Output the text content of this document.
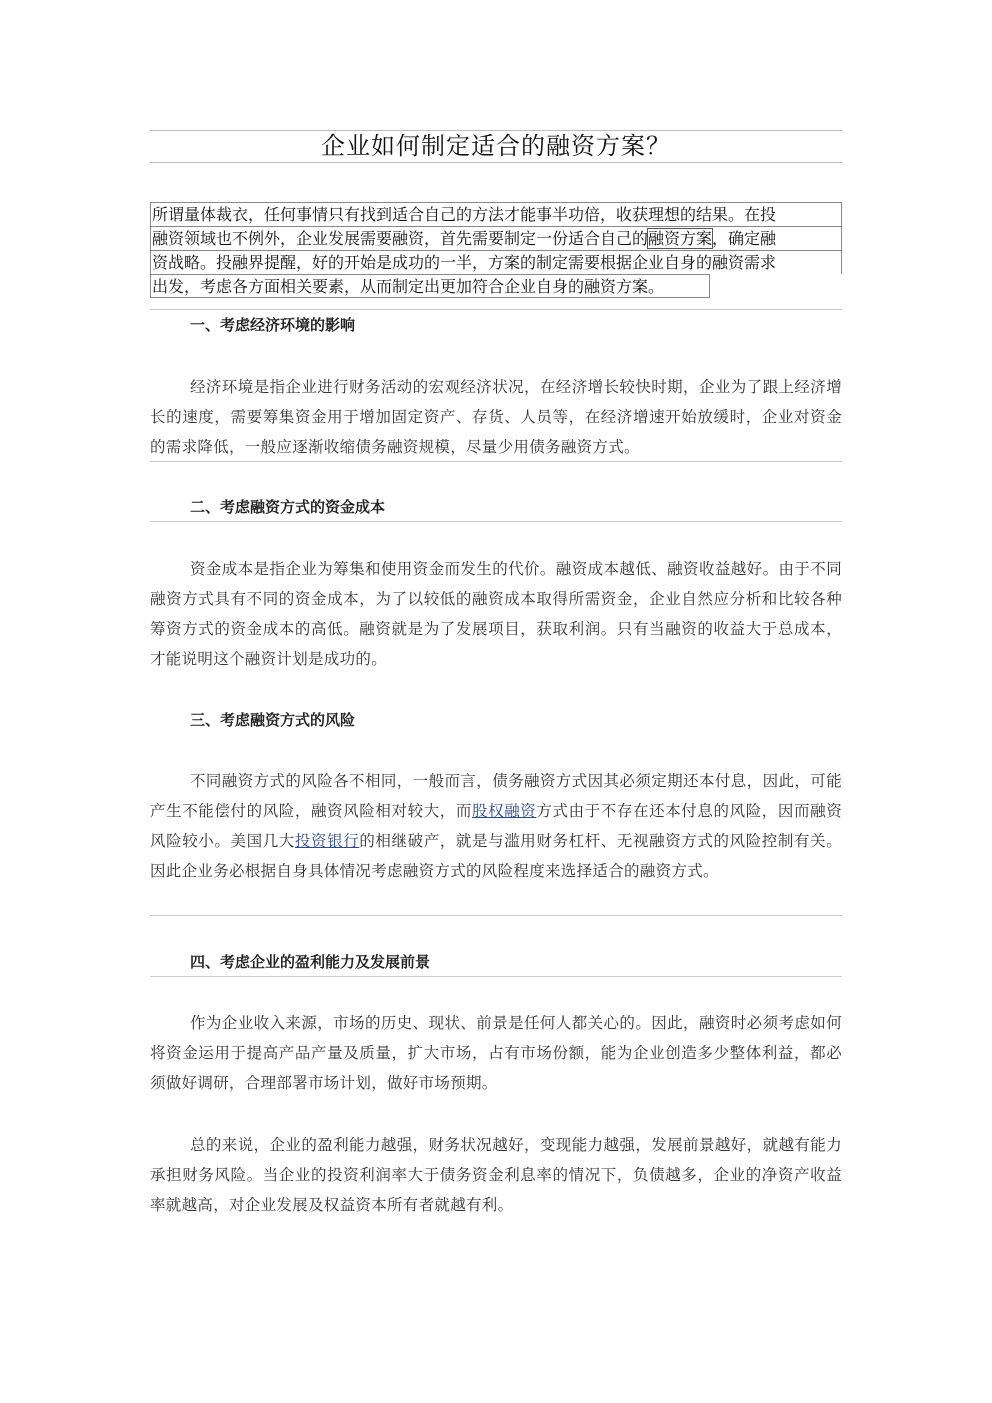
企业如何制定适合的融资方案？
所谓量体裁衣，任何事情只有找到适合自己的方法才能事半功倍，收获理想的结果。在投
融资领域也不例外，企业发展需要融资，首先需要制定一份适合自己的融资方案，确定融
资战略。投融界提醒，好的开始是成功的一半，方案的制定需要根据企业自身的融资需求
出发，考虑各方面相关要素，从而制定出更加符合企业自身的融资方案。
一、考虑经济环境的影响
经济环境是指企业进行财务活动的宏观经济状况，在经济增长较快时期，企业为了跟上经济增长的速度，需要筹集资金用于增加固定资产、存货、人员等，在经济增速开始放缓时，企业对资金的需求降低，一般应逐渐收缩债务融资规模，尽量少用债务融资方式。
二、考虑融资方式的资金成本
资金成本是指企业为筹集和使用资金而发生的代价。融资成本越低、融资收益越好。由于不同融资方式具有不同的资金成本，为了以较低的融资成本取得所需资金，企业自然应分析和比较各种筹资方式的资金成本的高低。融资就是为了发展项目，获取利润。只有当融资的收益大于总成本，才能说明这个融资计划是成功的。
三、考虑融资方式的风险
不同融资方式的风险各不相同，一般而言，债务融资方式因其必须定期还本付息，因此，可能产生不能偿付的风险，融资风险相对较大，而股权融资方式由于不存在还本付息的风险，因而融资风险较小。美国几大投资银行的相继破产，就是与滥用财务杠杆、无视融资方式的风险控制有关。因此企业务必根据自身具体情况考虑融资方式的风险程度来选择适合的融资方式。
四、考虑企业的盈利能力及发展前景
作为企业收入来源，市场的历史、现状、前景是任何人都关心的。因此，融资时必须考虑如何将资金运用于提高产品产量及质量，扩大市场，占有市场份额，能为企业创造多少整体利益，都必须做好调研，合理部署市场计划，做好市场预期。
总的来说，企业的盈利能力越强，财务状况越好，变现能力越强，发展前景越好，就越有能力承担财务风险。当企业的投资利润率大于债务资金利息率的情况下，负债越多，企业的净资产收益率就越高，对企业发展及权益资本所有者就越有利。
